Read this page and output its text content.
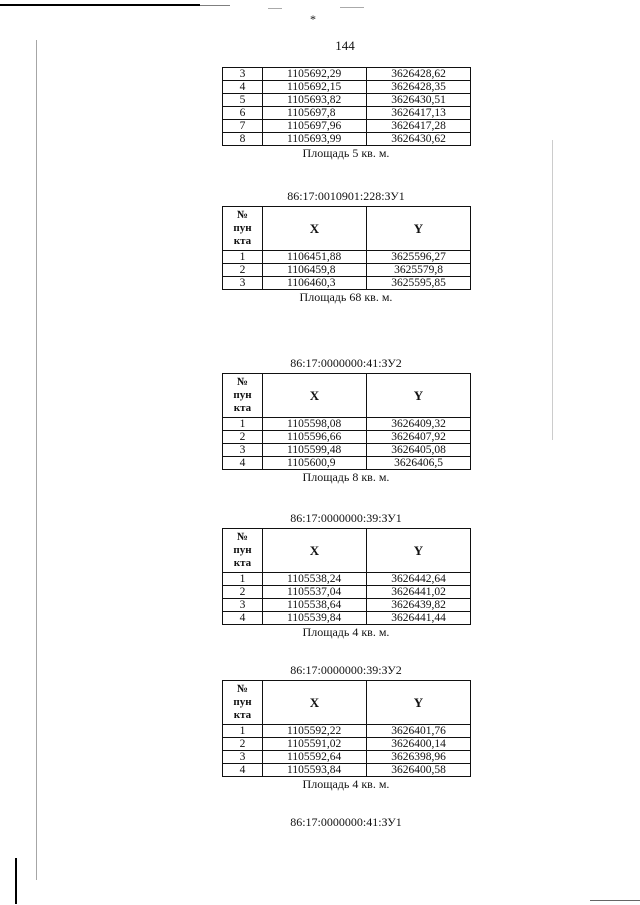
*
144
3	1105692,29	3626428,62
4	1105692,15	3626428,35
5	1105693,82	3626430,51
6	1105697,8	3626417,13
7	1105697,96	3626417,28
8	1105693,99	3626430,62
Площадь 5 кв. м.
86:17:0010901:228:ЗУ1
№
пун
кта	X	Y
1	1106451,88	3625596,27
2	1106459,8	3625579,8
3	1106460,3	3625595,85
Площадь 68 кв. м.
86:17:0000000:41:ЗУ2
№
пун
кта	X	Y
1	1105598,08	3626409,32
2	1105596,66	3626407,92
3	1105599,48	3626405,08
4	1105600,9	3626406,5
Площадь 8 кв. м.
86:17:0000000:39:ЗУ1
№
пун
кта	X	Y
1	1105538,24	3626442,64
2	1105537,04	3626441,02
3	1105538,64	3626439,82
4	1105539,84	3626441,44
Площадь 4 кв. м.
86:17:0000000:39:ЗУ2
№
пун
кта	X	Y
1	1105592,22	3626401,76
2	1105591,02	3626400,14
3	1105592,64	3626398,96
4	1105593,84	3626400,58
Площадь 4 кв. м.
86:17:0000000:41:ЗУ1
